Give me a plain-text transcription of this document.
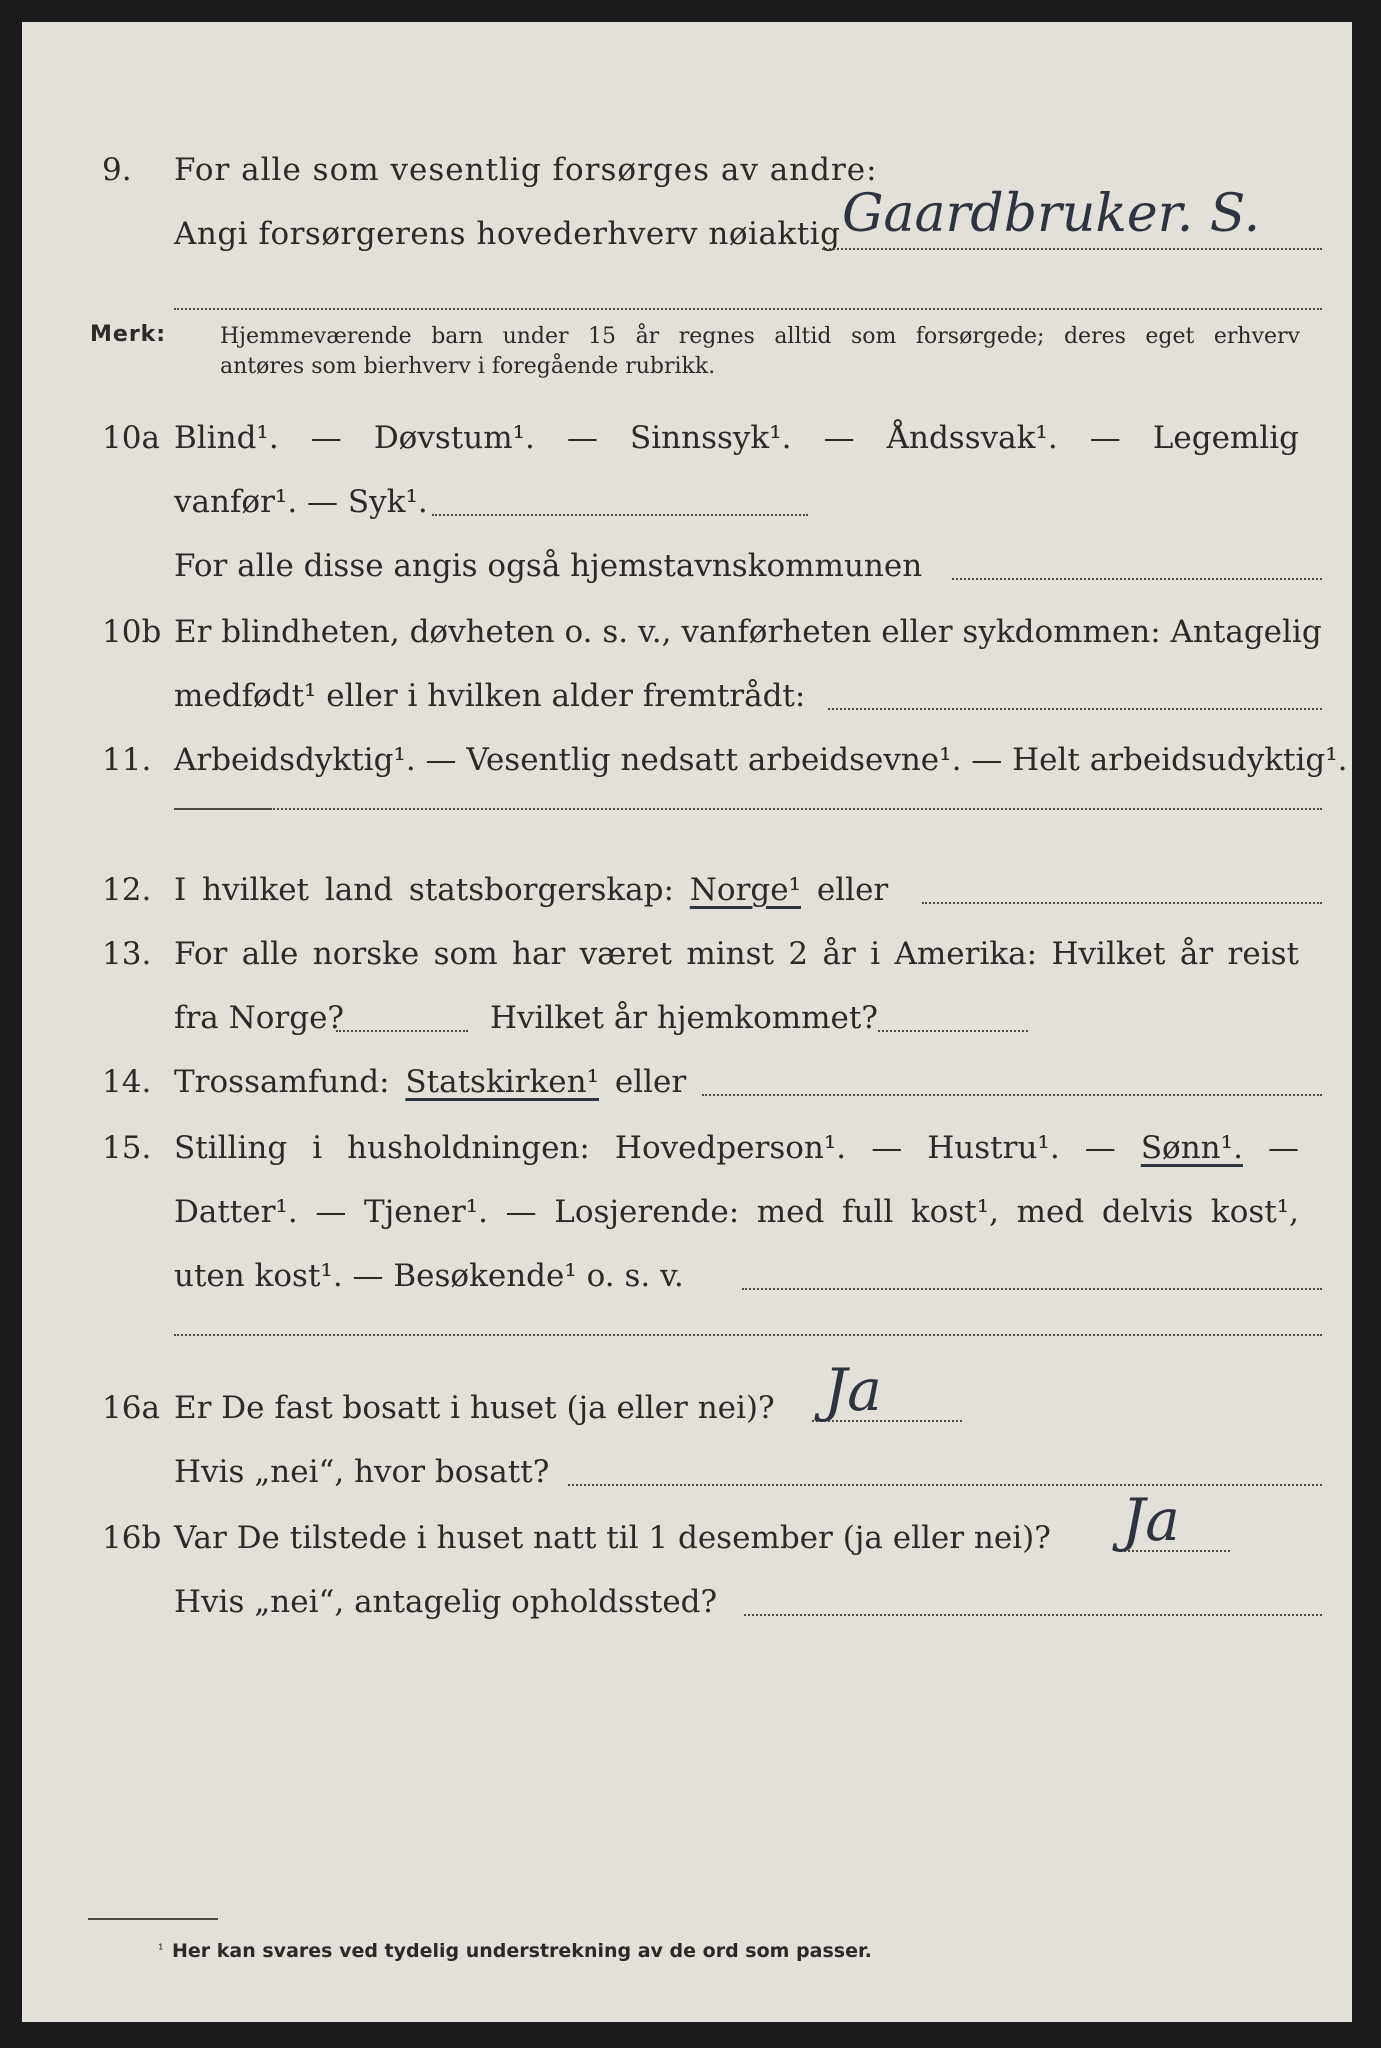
9. For alle som vesentlig forsørges av andre:
Angi forsørgerens hovederhverv nøiaktig Gaardbruker. S.
Merk: Hjemmeværende barn under 15 år regnes alltid som forsørgede; deres eget erhverv
antøres som bierhverv i foregående rubrikk.
10a Blind¹. — Døvstum¹. — Sinnssyk¹. — Åndssvak¹. — Legemlig
vanfør¹. — Syk¹.
For alle disse angis også hjemstavnskommunen
10b Er blindheten, døvheten o. s. v., vanførheten eller sykdommen: Antagelig
medfødt¹ eller i hvilken alder fremtrådt:
11. Arbeidsdyktig¹. — Vesentlig nedsatt arbeidsevne¹. — Helt arbeidsudyktig¹.
12. I hvilket land statsborgerskap: Norge¹ eller
13. For alle norske som har været minst 2 år i Amerika: Hvilket år reist
fra Norge?	Hvilket år hjemkommet?
14. Trossamfund: Statskirken¹ eller
15. Stilling i husholdningen: Hovedperson¹. — Hustru¹. — Sønn¹. —
Datter¹. — Tjener¹. — Losjerende: med full kost¹, med delvis kost¹,
uten kost¹. — Besøkende¹ o. s. v.
16a Er De fast bosatt i huset (ja eller nei)? Ja
Hvis „nei“, hvor bosatt?
16b Var De tilstede i huset natt til 1 desember (ja eller nei)? Ja
Hvis „nei“, antagelig opholdssted?
¹ Her kan svares ved tydelig understrekning av de ord som passer.
